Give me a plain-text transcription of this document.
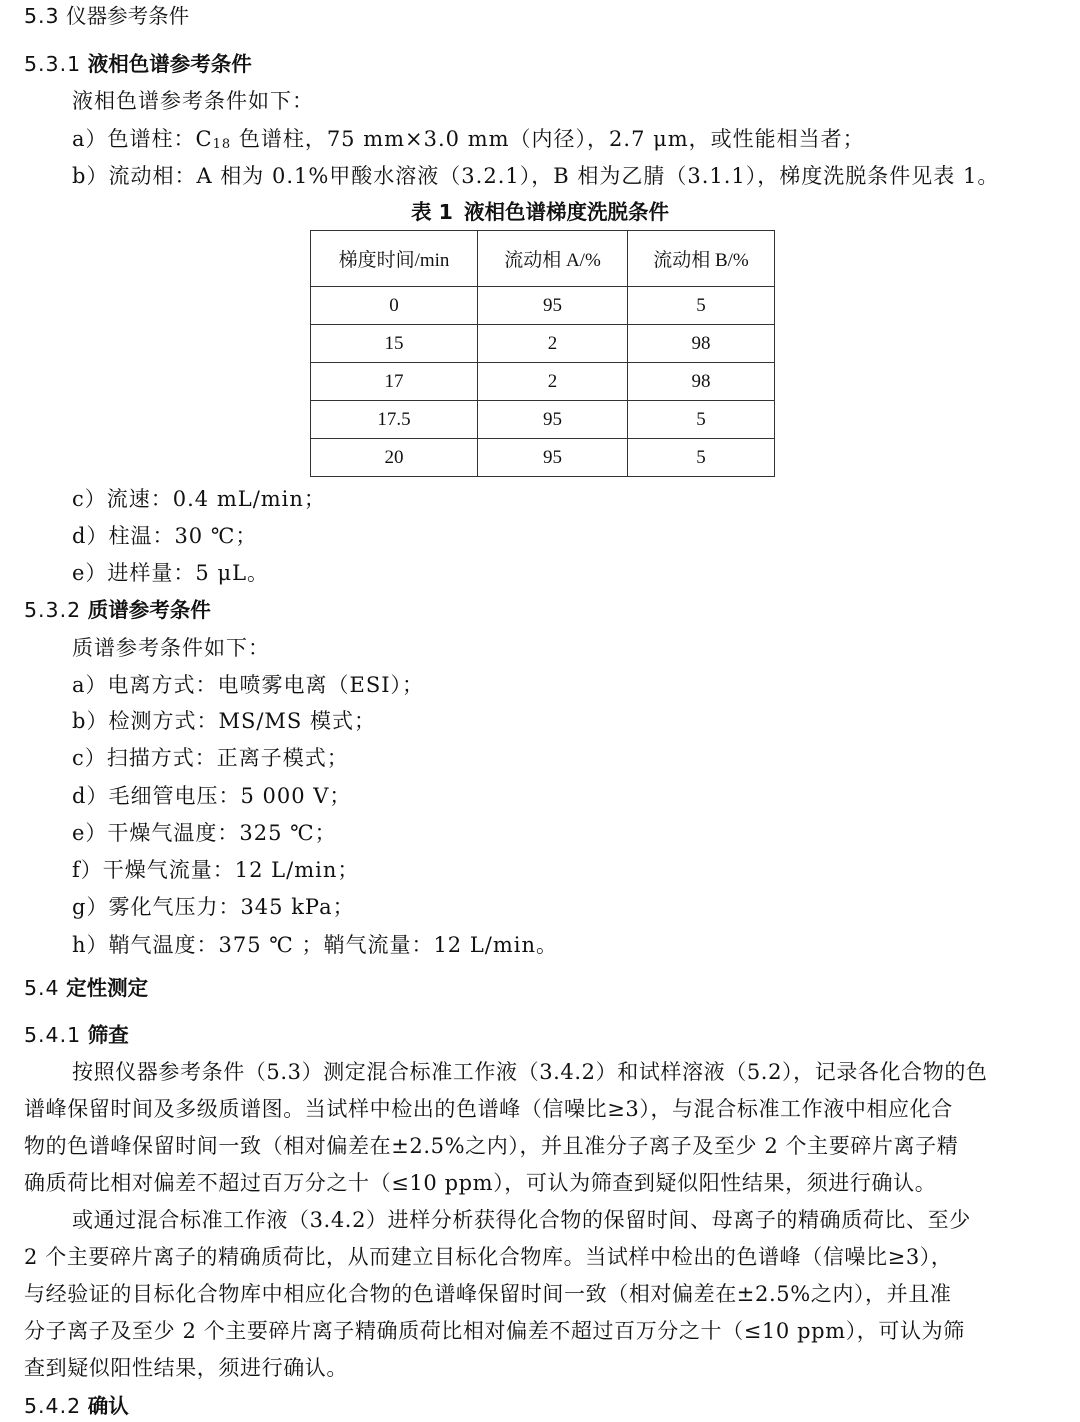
5.3 仪器参考条件
5.3.1 液相色谱参考条件
液相色谱参考条件如下：
a）色谱柱：$C_{18}$ 色谱柱，75 mm×3.0 mm（内径），2.7 μm，或性能相当者；
b）流动相：A 相为 0.1%甲酸水溶液（3.2.1），B 相为乙腈（3.1.1），梯度洗脱条件见表 1。
表 1 液相色谱梯度洗脱条件
梯度时间/min	流动相 A/%	流动相 B/%
0	95	5
15	2	98
17	2	98
17.5	95	5
20	95	5
c）流速：0.4 mL/min；
d）柱温：30 ℃；
e）进样量：5 μL。
5.3.2 质谱参考条件
质谱参考条件如下：
a）电离方式：电喷雾电离（ESI）；
b）检测方式：MS/MS 模式；
c）扫描方式：正离子模式；
d）毛细管电压：5 000 V；
e）干燥气温度：325 ℃；
f）干燥气流量：12 L/min；
g）雾化气压力：345 kPa；
h）鞘气温度：375 ℃ ；鞘气流量：12 L/min。
5.4 定性测定
5.4.1 筛查
按照仪器参考条件（5.3）测定混合标准工作液（3.4.2）和试样溶液（5.2），记录各化合物的色
谱峰保留时间及多级质谱图。当试样中检出的色谱峰（信噪比≥3），与混合标准工作液中相应化合
物的色谱峰保留时间一致（相对偏差在±2.5%之内），并且准分子离子及至少 2 个主要碎片离子精
确质荷比相对偏差不超过百万分之十（≤10 ppm），可认为筛查到疑似阳性结果，须进行确认。
或通过混合标准工作液（3.4.2）进样分析获得化合物的保留时间、母离子的精确质荷比、至少
2 个主要碎片离子的精确质荷比，从而建立目标化合物库。当试样中检出的色谱峰（信噪比≥3），
与经验证的目标化合物库中相应化合物的色谱峰保留时间一致（相对偏差在±2.5%之内），并且准
分子离子及至少 2 个主要碎片离子精确质荷比相对偏差不超过百万分之十（≤10 ppm），可认为筛
查到疑似阳性结果，须进行确认。
5.4.2 确认
